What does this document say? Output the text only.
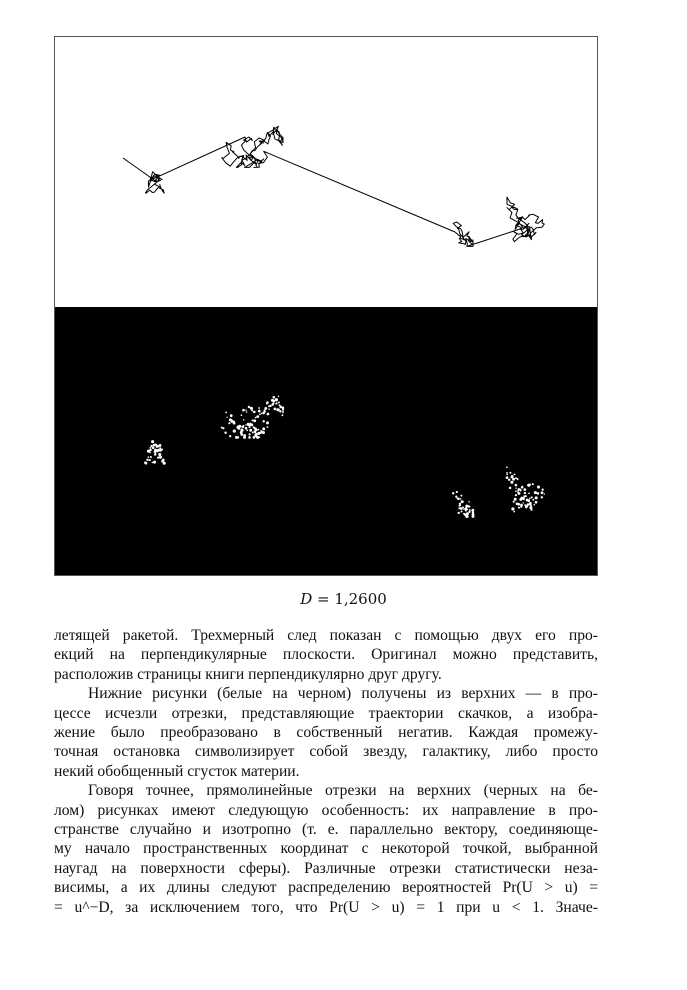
D = 1,2600

летящей ракетой. Трехмерный след показан с помощью двух его про-
екций на перпендикулярные плоскости. Оригинал можно представить,
расположив страницы книги перпендикулярно друг другу.

Нижние рисунки (белые на черном) получены из верхних — в про-
цессе исчезли отрезки, представляющие траектории скачков, а изобра-
жение было преобразовано в собственный негатив. Каждая промежу-
точная остановка символизирует собой звезду, галактику, либо просто
некий обобщенный сгусток материи.

Говоря точнее, прямолинейные отрезки на верхних (черных на бе-
лом) рисунках имеют следующую особенность: их направление в про-
странстве случайно и изотропно (т. е. параллельно вектору, соединяюще-
му начало пространственных координат с некоторой точкой, выбранной
наугад на поверхности сферы). Различные отрезки статистически неза-
висимы, а их длины следуют распределению вероятностей Pr(U > u) =
= u^−D, за исключением того, что Pr(U > u) = 1 при u < 1. Значе-
